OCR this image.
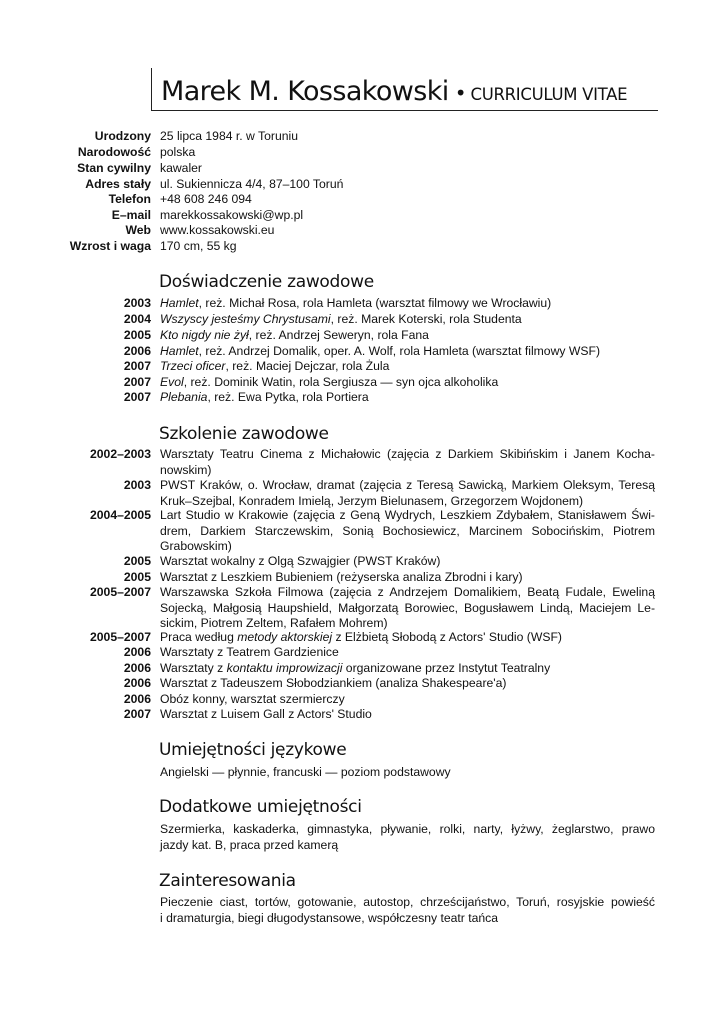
Marek M. Kossakowski • CURRICULUM VITAE
Urodzony 25 lipca 1984 r. w Toruniu
Narodowość polska
Stan cywilny kawaler
Adres stały ul. Sukiennicza 4/4, 87–100 Toruń
Telefon +48 608 246 094
E–mail marekkossakowski@wp.pl
Web www.kossakowski.eu
Wzrost i waga 170 cm, 55 kg
Doświadczenie zawodowe
2003 Hamlet, reż. Michał Rosa, rola Hamleta (warsztat filmowy we Wrocławiu)
2004 Wszyscy jesteśmy Chrystusami, reż. Marek Koterski, rola Studenta
2005 Kto nigdy nie żył, reż. Andrzej Seweryn, rola Fana
2006 Hamlet, reż. Andrzej Domalik, oper. A. Wolf, rola Hamleta (warsztat filmowy WSF)
2007 Trzeci oficer, reż. Maciej Dejczar, rola Żula
2007 Evol, reż. Dominik Watin, rola Sergiusza — syn ojca alkoholika
2007 Plebania, reż. Ewa Pytka, rola Portiera
Szkolenie zawodowe
2002–2003 Warsztaty Teatru Cinema z Michałowic (zajęcia z Darkiem Skibińskim i Janem Kocha-
nowskim)
2003 PWST Kraków, o. Wrocław, dramat (zajęcia z Teresą Sawicką, Markiem Oleksym, Teresą
Kruk–Szejbal, Konradem Imielą, Jerzym Bielunasem, Grzegorzem Wojdonem)
2004–2005 Lart Studio w Krakowie (zajęcia z Geną Wydrych, Leszkiem Zdybałem, Stanisławem Świ-
drem, Darkiem Starczewskim, Sonią Bochosiewicz, Marcinem Sobocińskim, Piotrem
Grabowskim)
2005 Warsztat wokalny z Olgą Szwajgier (PWST Kraków)
2005 Warsztat z Leszkiem Bubieniem (reżyserska analiza Zbrodni i kary)
2005–2007 Warszawska Szkoła Filmowa (zajęcia z Andrzejem Domalikiem, Beatą Fudale, Eweliną
Sojecką, Małgosią Haupshield, Małgorzatą Borowiec, Bogusławem Lindą, Maciejem Le-
sickim, Piotrem Zeltem, Rafałem Mohrem)
2005–2007 Praca według metody aktorskiej z Elżbietą Słobodą z Actors' Studio (WSF)
2006 Warsztaty z Teatrem Gardzienice
2006 Warsztaty z kontaktu improwizacji organizowane przez Instytut Teatralny
2006 Warsztat z Tadeuszem Słobodziankiem (analiza Shakespeare'a)
2006 Obóz konny, warsztat szermierczy
2007 Warsztat z Luisem Gall z Actors' Studio
Umiejętności językowe
Angielski — płynnie, francuski — poziom podstawowy
Dodatkowe umiejętności
Szermierka, kaskaderka, gimnastyka, pływanie, rolki, narty, łyżwy, żeglarstwo, prawo
jazdy kat. B, praca przed kamerą
Zainteresowania
Pieczenie ciast, tortów, gotowanie, autostop, chrześcijaństwo, Toruń, rosyjskie powieść
i dramaturgia, biegi długodystansowe, współczesny teatr tańca
